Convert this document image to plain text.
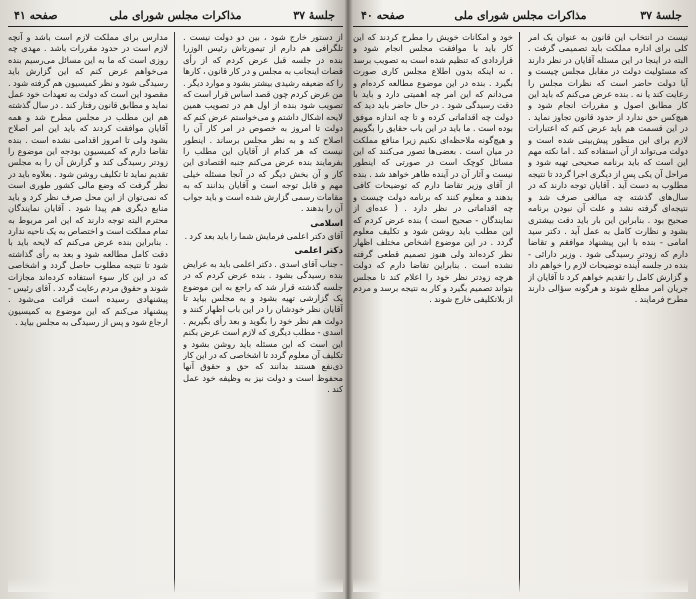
صفحه ۴۱	مذاکرات مجلس شورای ملی	جلسهٔ ۳۷

از دستور خارج شود ، بین دو دولت نیست . تلگرافی هم دارم از تیمورتاش رئیس الوزرا بنده در جلسه قبل عرض کردم که از رأی قضات اینجانب به مجلس و در کار قانون ، کارها را که ضعیفه رشیدی بیشتر بشود و موارد دیگر . من عرض کردم چون قصد اساس قرار است که تصویب شود بنده از اول هم در تصویب همین لایحه اشکال داشتم و می‌خواستم عرض کنم که دولت تا امروز به خصوص در امر کار آن را اصلاح کند و به نظر مجلس برساند . اینطور نیست که هر کدام از آقایان این مطلب را بفرمایند بنده عرض می‌کنم جنبه اقتصادی این کار و آن بخش دیگر که در آنجا مسئله خیلی مهم و قابل توجه است و آقایان بدانند که به مقامات رسمی گزارش شده است و باید جواب آن را بدهند .

اسلامی

آقای دکتر اعلمی فرمایش شما را باید بعد کرد .

دکتر اعلمی

- جناب آقای اسدی . دکتر اعلمی باید به عرایض بنده رسیدگی بشود . بنده عرض کردم که در جلسه گذشته قرار شد که راجع به این موضوع یک گزارشی تهیه بشود و به مجلس بیاید تا آقایان نظر خودشان را در این باب اظهار کنند و دولت هم نظر خود را بگوید و بعد رأی بگیریم . اسدی - مطلب دیگری که لازم است عرض بکنم این است که این مسئله باید روشن بشود و تکلیف آن معلوم گردد تا اشخاصی که در این کار ذی‌نفع هستند بدانند که حق و حقوق آنها محفوظ است و دولت نیز به وظیفه خود عمل کند .

مدارس برای مملکت لازم است باشد و آنچه لازم است در حدود مقررات باشد . مهدی چه روزی است که ما به این مسائل می‌رسیم بنده می‌خواهم عرض کنم که این گزارش باید رسیدگی شود و نظر کمیسیون هم گرفته شود . مقصود این است که دولت به تعهدات خود عمل نماید و مطابق قانون رفتار کند . در سال گذشته هم این مطلب در مجلس مطرح شد و همه آقایان موافقت کردند که باید این امر اصلاح بشود ولی تا امروز اقدامی نشده است . بنده تقاضا دارم که کمیسیون بودجه این موضوع را زودتر رسیدگی کند و گزارش آن را به مجلس تقدیم نماید تا تکلیف روشن شود . بعلاوه باید در نظر گرفت که وضع مالی کشور طوری است که نمی‌توان از این محل صرف نظر کرد و باید منابع دیگری هم پیدا شود . آقایان نمایندگان محترم البته توجه دارند که این امر مربوط به تمام مملکت است و اختصاص به یک ناحیه ندارد . بنابراین بنده عرض می‌کنم که لایحه باید با دقت کامل مطالعه شود و بعد به رأی گذاشته شود تا نتیجه مطلوب حاصل گردد و اشخاصی که در این کار سوء استفاده کرده‌اند مجازات شوند و حقوق مردم رعایت گردد . آقای رئیس - پیشنهادی رسیده است قرائت می‌شود . پیشنهاد می‌کنم که این موضوع به کمیسیون ارجاع شود و پس از رسیدگی به مجلس بیاید .

صفحه ۴۰	مذاکرات مجلس شورای ملی	جلسهٔ ۳۷

نیست در انتخاب این قانون به عنوان یک امر کلی برای اداره مملکت باید تصمیمی گرفت . البته در اینجا در این مسئله آقایان در نظر دارند که مسئولیت دولت در مقابل مجلس چیست و آیا دولت حاضر است که نظرات مجلس را رعایت کند یا نه . بنده عرض می‌کنم که باید این کار مطابق اصول و مقررات انجام شود و هیچ‌کس حق ندارد از حدود قانون تجاوز نماید . در این قسمت هم باید عرض کنم که اعتبارات لازم برای این منظور پیش‌بینی شده است و دولت می‌تواند از آن استفاده کند . اما نکته مهم این است که باید برنامه صحیحی تهیه شود و مراحل آن یکی پس از دیگری اجرا گردد تا نتیجه مطلوب به دست آید . آقایان توجه دارند که در سال‌های گذشته چه مبالغی صرف شد و نتیجه‌ای گرفته نشد و علت آن نبودن برنامه صحیح بود . بنابراین این بار باید دقت بیشتری بشود و نظارت کامل به عمل آید . دکتر سید امامی - بنده با این پیشنهاد موافقم و تقاضا دارم که زودتر رسیدگی شود . وزیر دارائی - بنده در جلسه آینده توضیحات لازم را خواهم داد و گزارش کامل را تقدیم خواهم کرد تا آقایان از جریان امر مطلع شوند و هرگونه سؤالی دارند مطرح فرمایند .

خود و امکانات خویش را مطرح کردند که این کار باید با موافقت مجلس انجام شود و قراردادی که تنظیم شده است به تصویب برسد . نه اینکه بدون اطلاع مجلس کاری صورت بگیرد . بنده در این موضوع مطالعه کرده‌ام و می‌دانم که این امر چه اهمیتی دارد و باید با دقت رسیدگی شود . در حال حاضر باید دید که دولت چه اقداماتی کرده و تا چه اندازه موفق بوده است . ما باید در این باب حقایق را بگوییم و هیچ‌گونه ملاحظه‌ای نکنیم زیرا منافع مملکت در میان است . بعضی‌ها تصور می‌کنند که این مسائل کوچک است در صورتی که اینطور نیست و آثار آن در آینده ظاهر خواهد شد . بنده از آقای وزیر تقاضا دارم که توضیحات کافی بدهند و معلوم کنند که برنامه دولت چیست و چه اقداماتی در نظر دارد . ( عده‌ای از نمایندگان - صحیح است ) بنده عرض کردم که این مطلب باید روشن شود و تکلیف معلوم گردد . در این موضوع اشخاص مختلف اظهار نظر کرده‌اند ولی هنوز تصمیم قطعی گرفته نشده است . بنابراین تقاضا دارم که دولت هرچه زودتر نظر خود را اعلام کند تا مجلس بتواند تصمیم بگیرد و کار به نتیجه برسد و مردم از بلاتکلیفی خارج شوند .
